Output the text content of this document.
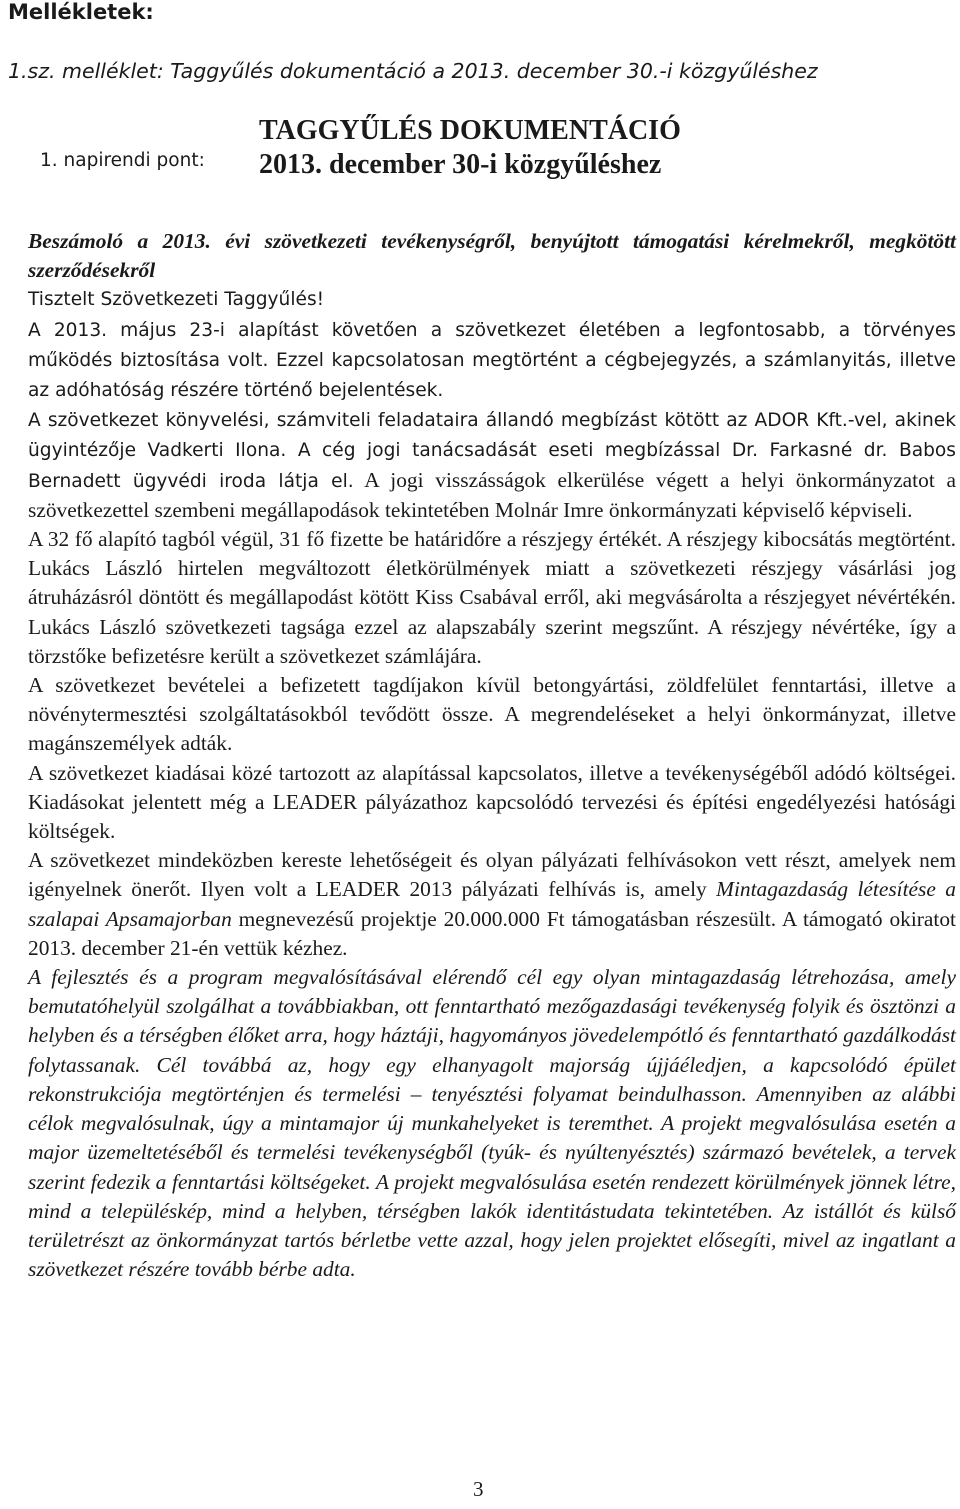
Mellékletek:
1.sz. melléklet: Taggyűlés dokumentáció a 2013. december 30.-i közgyűléshez
TAGGYŰLÉS DOKUMENTÁCIÓ
2013. december 30-i közgyűléshez
1. napirendi pont:

Beszámoló a 2013. évi szövetkezeti tevékenységről, benyújtott támogatási kérelmekről, megkötött szerződésekről

Tisztelt Szövetkezeti Taggyűlés!

A 2013. május 23-i alapítást követően a szövetkezet életében a legfontosabb, a törvényes működés biztosítása volt. Ezzel kapcsolatosan megtörtént a cégbejegyzés, a számlanyitás, illetve az adóhatóság részére történő bejelentések.

A szövetkezet könyvelési, számviteli feladataira állandó megbízást kötött az ADOR Kft.-vel, akinek ügyintézője Vadkerti Ilona. A cég jogi tanácsadását eseti megbízással Dr. Farkasné dr. Babos Bernadett ügyvédi iroda látja el. A jogi visszásságok elkerülése végett a helyi önkormányzatot a szövetkezettel szembeni megállapodások tekintetében Molnár Imre önkormányzati képviselő képviseli.

A 32 fő alapító tagból végül, 31 fő fizette be határidőre a részjegy értékét. A részjegy kibocsátás megtörtént. Lukács László hirtelen megváltozott életkörülmények miatt a szövetkezeti részjegy vásárlási jog átruházásról döntött és megállapodást kötött Kiss Csabával erről, aki megvásárolta a részjegyet névértékén. Lukács László szövetkezeti tagsága ezzel az alapszabály szerint megszűnt. A részjegy névértéke, így a törzstőke befizetésre került a szövetkezet számlájára.

A szövetkezet bevételei a befizetett tagdíjakon kívül betongyártási, zöldfelület fenntartási, illetve a növénytermesztési szolgáltatásokból tevődött össze. A megrendeléseket a helyi önkormányzat, illetve magánszemélyek adták.

A szövetkezet kiadásai közé tartozott az alapítással kapcsolatos, illetve a tevékenységéből adódó költségei. Kiadásokat jelentett még a LEADER pályázathoz kapcsolódó tervezési és építési engedélyezési hatósági költségek.

A szövetkezet mindeközben kereste lehetőségeit és olyan pályázati felhívásokon vett részt, amelyek nem igényelnek önerőt. Ilyen volt a LEADER 2013 pályázati felhívás is, amely Mintagazdaság létesítése a szalapai Apsamajorban megnevezésű projektje 20.000.000 Ft támogatásban részesült. A támogató okiratot 2013. december 21-én vettük kézhez.

A fejlesztés és a program megvalósításával elérendő cél egy olyan mintagazdaság létrehozása, amely bemutatóhelyül szolgálhat a továbbiakban, ott fenntartható mezőgazdasági tevékenység folyik és ösztönzi a helyben és a térségben élőket arra, hogy háztáji, hagyományos jövedelempótló és fenntartható gazdálkodást folytassanak. Cél továbbá az, hogy egy elhanyagolt majorság újjáéledjen, a kapcsolódó épület rekonstrukciója megtörténjen és termelési – tenyésztési folyamat beindulhasson. Amennyiben az alábbi célok megvalósulnak, úgy a mintamajor új munkahelyeket is teremthet. A projekt megvalósulása esetén a major üzemeltetéséből és termelési tevékenységből (tyúk- és nyúltenyésztés) származó bevételek, a tervek szerint fedezik a fenntartási költségeket. A projekt megvalósulása esetén rendezett körülmények jönnek létre, mind a településkép, mind a helyben, térségben lakók identitástudata tekintetében. Az istállót és külső területrészt az önkormányzat tartós bérletbe vette azzal, hogy jelen projektet elősegíti, mivel az ingatlant a szövetkezet részére tovább bérbe adta.

3
